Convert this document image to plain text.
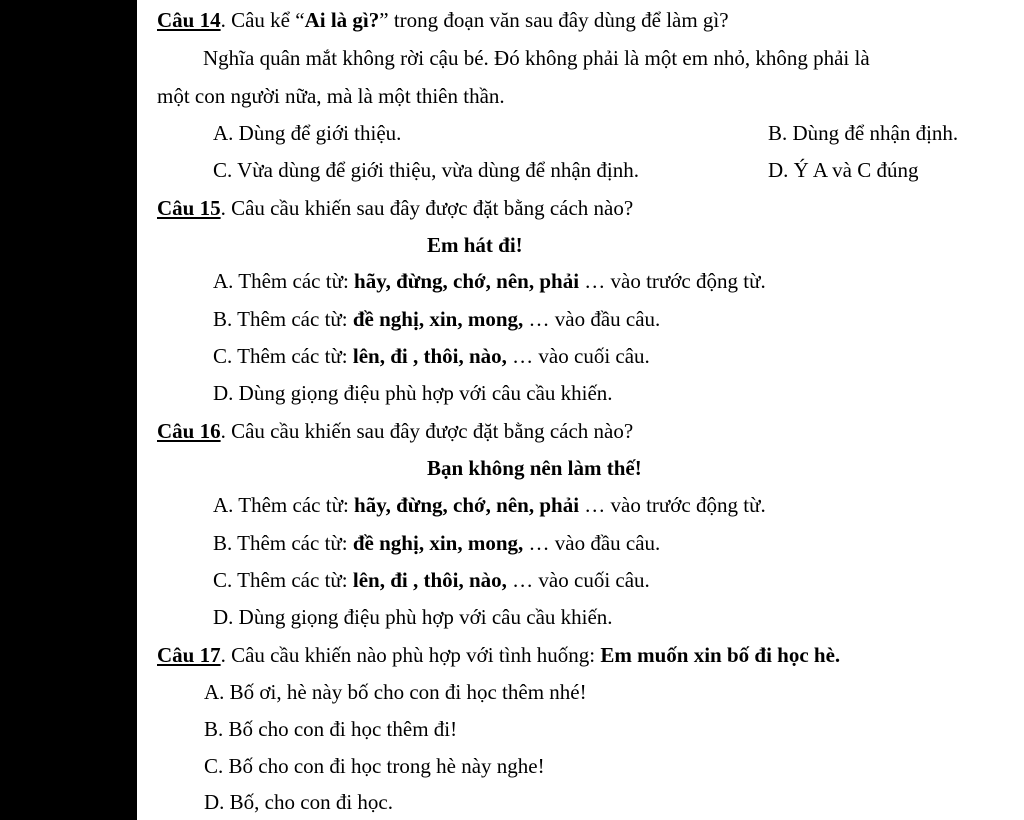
Câu 14. Câu kể “Ai là gì?” trong đoạn văn sau đây dùng để làm gì?
Nghĩa quân mắt không rời cậu bé. Đó không phải là một em nhỏ, không phải là
một con người nữa, mà là một thiên thần.
A. Dùng để giới thiệu.	B. Dùng để nhận định.
C. Vừa dùng để giới thiệu, vừa dùng để nhận định.	D. Ý A và C đúng
Câu 15. Câu cầu khiến sau đây được đặt bằng cách nào?
Em hát đi!
A. Thêm các từ: hãy, đừng, chớ, nên, phải … vào trước động từ.
B. Thêm các từ: đề nghị, xin, mong, … vào đầu câu.
C. Thêm các từ: lên, đi , thôi, nào, … vào cuối câu.
D. Dùng giọng điệu phù hợp với câu cầu khiến.
Câu 16. Câu cầu khiến sau đây được đặt bằng cách nào?
Bạn không nên làm thế!
A. Thêm các từ: hãy, đừng, chớ, nên, phải … vào trước động từ.
B. Thêm các từ: đề nghị, xin, mong, … vào đầu câu.
C. Thêm các từ: lên, đi , thôi, nào, … vào cuối câu.
D. Dùng giọng điệu phù hợp với câu cầu khiến.
Câu 17. Câu cầu khiến nào phù hợp với tình huống: Em muốn xin bố đi học hè.
A. Bố ơi, hè này bố cho con đi học thêm nhé!
B. Bố cho con đi học thêm đi!
C. Bố cho con đi học trong hè này nghe!
D. Bố, cho con đi học.
